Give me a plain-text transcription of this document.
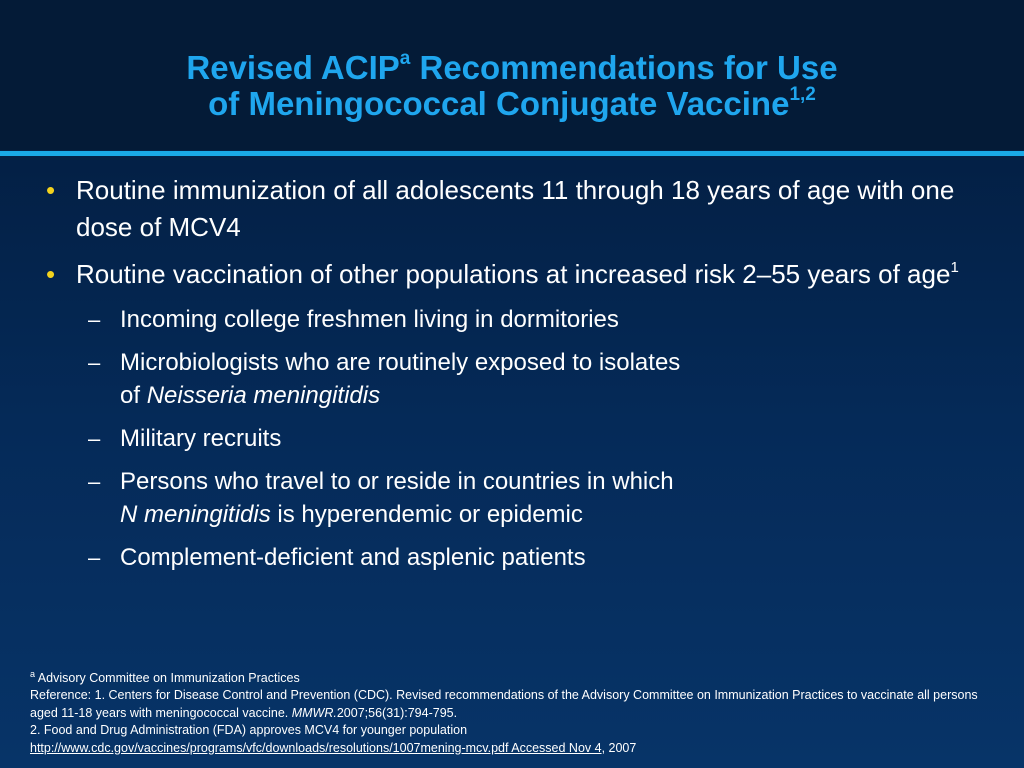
Revised ACIP$^a$ Recommendations for Use
of Meningococcal Conjugate Vaccine$^{1,2}$
• Routine immunization of all adolescents 11 through 18 years of age with one dose of MCV4
• Routine vaccination of other populations at increased risk 2–55 years of age$^1$
– Incoming college freshmen living in dormitories
– Microbiologists who are routinely exposed to isolates
of Neisseria meningitidis
– Military recruits
– Persons who travel to or reside in countries in which
N meningitidis is hyperendemic or epidemic
– Complement-deficient and asplenic patients
$^a$ Advisory Committee on Immunization Practices
Reference: 1. Centers for Disease Control and Prevention (CDC). Revised recommendations of the Advisory Committee on Immunization Practices to vaccinate all persons aged 11-18 years with meningococcal vaccine. MMWR.2007;56(31):794-795.
2. Food and Drug Administration (FDA) approves MCV4 for younger population
http://www.cdc.gov/vaccines/programs/vfc/downloads/resolutions/1007mening-mcv.pdf Accessed Nov 4, 2007
